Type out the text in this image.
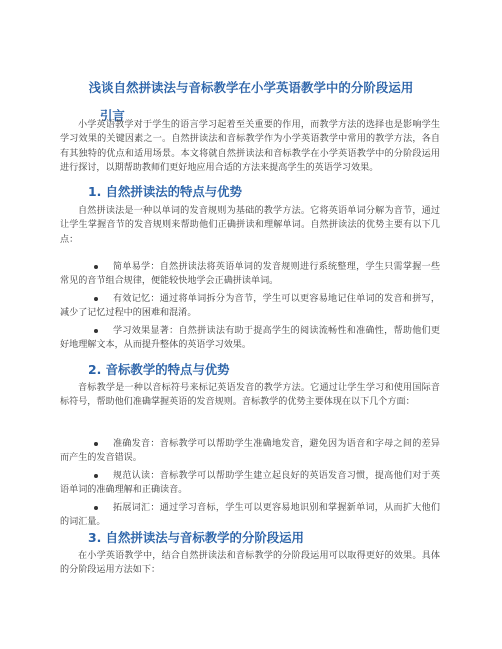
浅谈自然拼读法与音标教学在小学英语教学中的分阶段运用
引言

小学英语教学对于学生的语言学习起着至关重要的作用，而教学方法的选择也是影响学生学习效果的关键因素之一。自然拼读法和音标教学作为小学英语教学中常用的教学方法，各自有其独特的优点和适用场景。本文将就自然拼读法和音标教学在小学英语教学中的分阶段运用进行探讨，以期帮助教师们更好地应用合适的方法来提高学生的英语学习效果。

1. 自然拼读法的特点与优势

自然拼读法是一种以单词的发音规则为基础的教学方法。它将英语单词分解为音节，通过让学生掌握音节的发音规则来帮助他们正确拼读和理解单词。自然拼读法的优势主要有以下几点：

简单易学：自然拼读法将英语单词的发音规则进行系统整理，学生只需掌握一些常见的音节组合规律，便能较快地学会正确拼读单词。
有效记忆：通过将单词拆分为音节，学生可以更容易地记住单词的发音和拼写，减少了记忆过程中的困难和混淆。
学习效果显著：自然拼读法有助于提高学生的阅读流畅性和准确性，帮助他们更好地理解文本，从而提升整体的英语学习效果。
2. 音标教学的特点与优势

音标教学是一种以音标符号来标记英语发音的教学方法。它通过让学生学习和使用国际音标符号，帮助他们准确掌握英语的发音规则。音标教学的优势主要体现在以下几个方面：

准确发音：音标教学可以帮助学生准确地发音，避免因为语音和字母之间的差异而产生的发音错误。
规范认读：音标教学可以帮助学生建立起良好的英语发音习惯，提高他们对于英语单词的准确理解和正确读音。
拓展词汇：通过学习音标，学生可以更容易地识别和掌握新单词，从而扩大他们的词汇量。
3. 自然拼读法与音标教学的分阶段运用

在小学英语教学中，结合自然拼读法和音标教学的分阶段运用可以取得更好的效果。具体的分阶段运用方法如下：
